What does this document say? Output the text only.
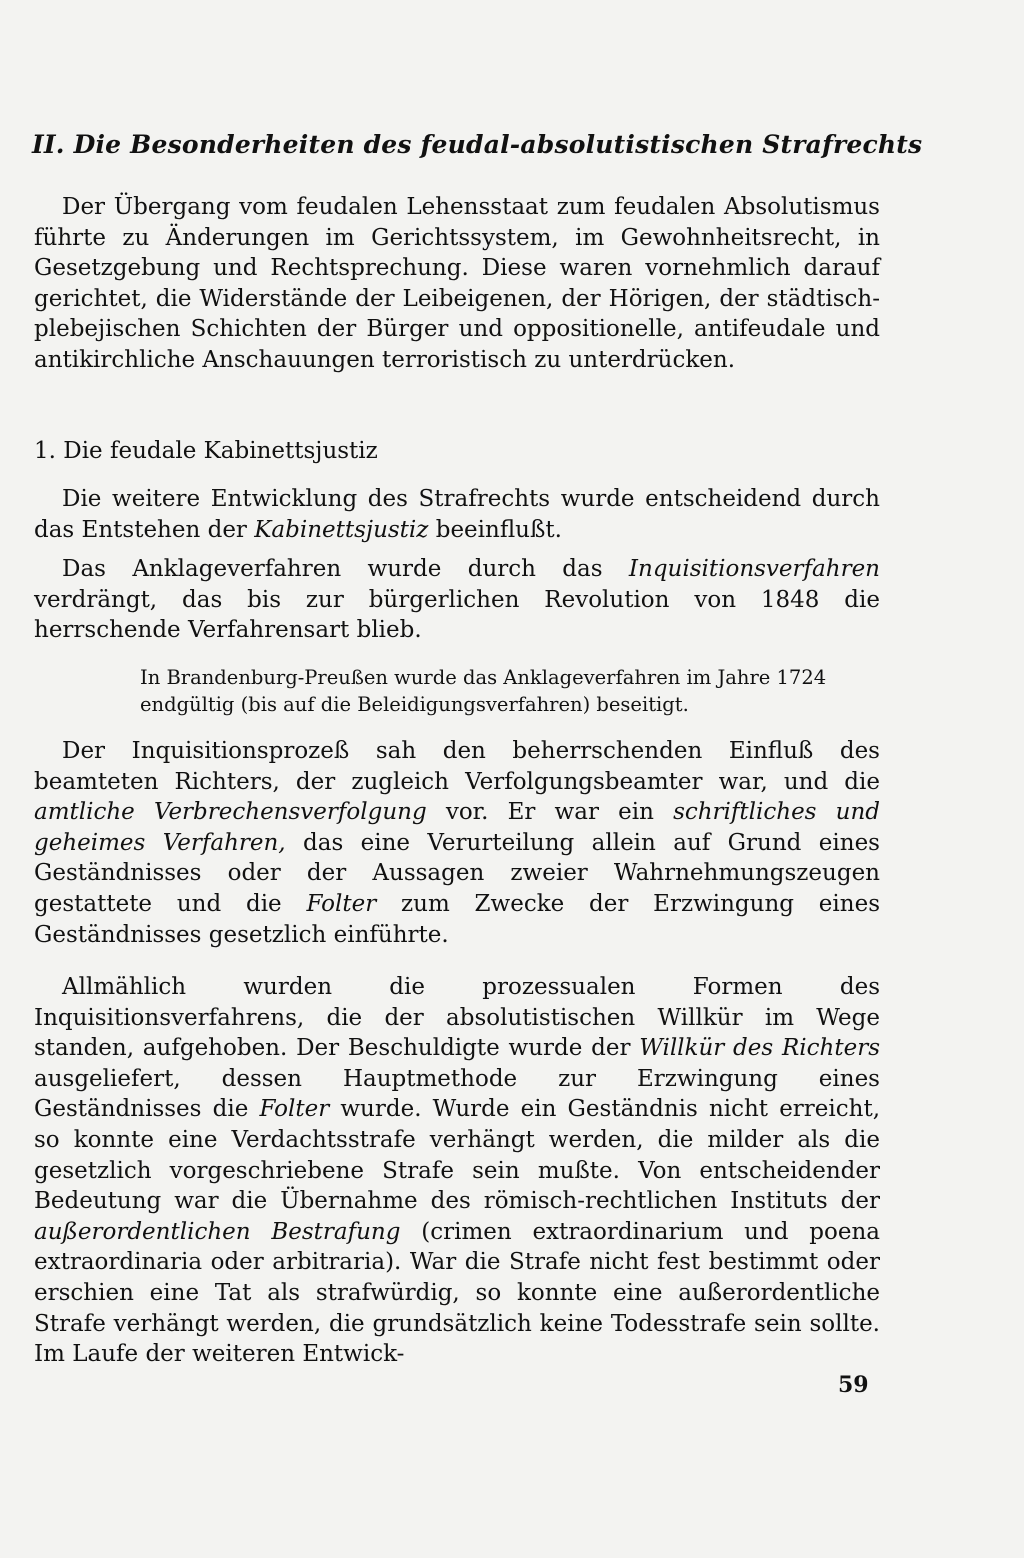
II. Die Besonderheiten des feudal-absolutistischen Strafrechts

Der Übergang vom feudalen Lehensstaat zum feudalen Absolutismus führte zu Änderungen im Gerichtssystem, im Gewohnheitsrecht, in Gesetzgebung und Rechtsprechung. Diese waren vornehmlich darauf gerichtet, die Widerstände der Leibeigenen, der Hörigen, der städtisch-plebejischen Schichten der Bürger und oppositionelle, antifeudale und antikirchliche Anschauungen terroristisch zu unterdrücken.

1. Die feudale Kabinettsjustiz

Die weitere Entwicklung des Strafrechts wurde entscheidend durch das Entstehen der Kabinettsjustiz beeinflußt.

Das Anklageverfahren wurde durch das Inquisitionsverfahren verdrängt, das bis zur bürgerlichen Revolution von 1848 die herrschende Verfahrensart blieb.

In Brandenburg-Preußen wurde das Anklageverfahren im Jahre 1724 endgültig (bis auf die Beleidigungsverfahren) beseitigt.

Der Inquisitionsprozeß sah den beherrschenden Einfluß des beamteten Richters, der zugleich Verfolgungsbeamter war, und die amtliche Verbrechensverfolgung vor. Er war ein schriftliches und geheimes Verfahren, das eine Verurteilung allein auf Grund eines Geständnisses oder der Aussagen zweier Wahrnehmungszeugen gestattete und die Folter zum Zwecke der Erzwingung eines Geständnisses gesetzlich einführte.

Allmählich wurden die prozessualen Formen des Inquisitionsverfahrens, die der absolutistischen Willkür im Wege standen, aufgehoben. Der Beschuldigte wurde der Willkür des Richters ausgeliefert, dessen Hauptmethode zur Erzwingung eines Geständnisses die Folter wurde. Wurde ein Geständnis nicht erreicht, so konnte eine Verdachtsstrafe verhängt werden, die milder als die gesetzlich vorgeschriebene Strafe sein mußte. Von entscheidender Bedeutung war die Übernahme des römisch-rechtlichen Instituts der außerordentlichen Bestrafung (crimen extraordinarium und poena extraordinaria oder arbitraria). War die Strafe nicht fest bestimmt oder erschien eine Tat als strafwürdig, so konnte eine außerordentliche Strafe verhängt werden, die grundsätzlich keine Todesstrafe sein sollte. Im Laufe der weiteren Entwick-

59
